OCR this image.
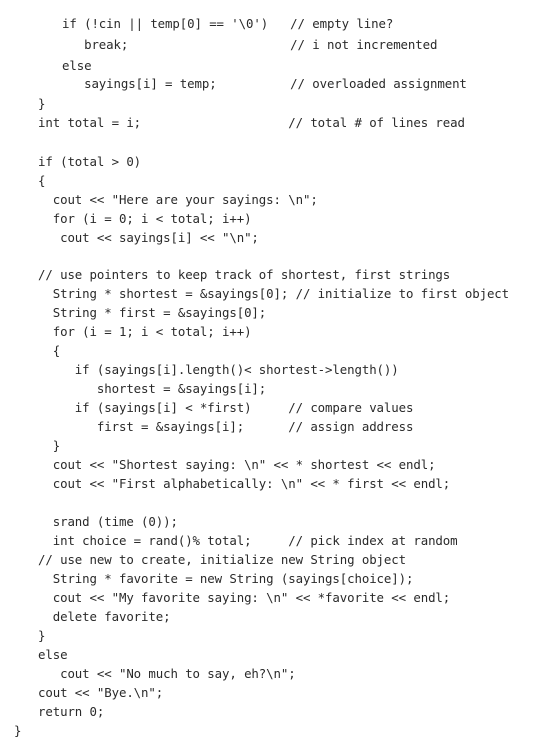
if (!cin || temp[0] == '\0')   // empty line?
break;                      // i not incremented
else
sayings[i] = temp;          // overloaded assignment
}
int total = i;                    // total # of lines read
if (total > 0)
{
cout << "Here are your sayings: \n";
for (i = 0; i < total; i++)
cout << sayings[i] << "\n";
// use pointers to keep track of shortest, first strings
String * shortest = &sayings[0]; // initialize to first object
String * first = &sayings[0];
for (i = 1; i < total; i++)
{
if (sayings[i].length()< shortest->length())
shortest = &sayings[i];
if (sayings[i] < *first)     // compare values
first = &sayings[i];      // assign address
}
cout << "Shortest saying: \n" << * shortest << endl;
cout << "First alphabetically: \n" << * first << endl;
srand (time (0));
int choice = rand()% total;     // pick index at random
// use new to create, initialize new String object
String * favorite = new String (sayings[choice]);
cout << "My favorite saying: \n" << *favorite << endl;
delete favorite;
}
else
cout << "No much to say, eh?\n";
cout << "Bye.\n";
return 0;
}
